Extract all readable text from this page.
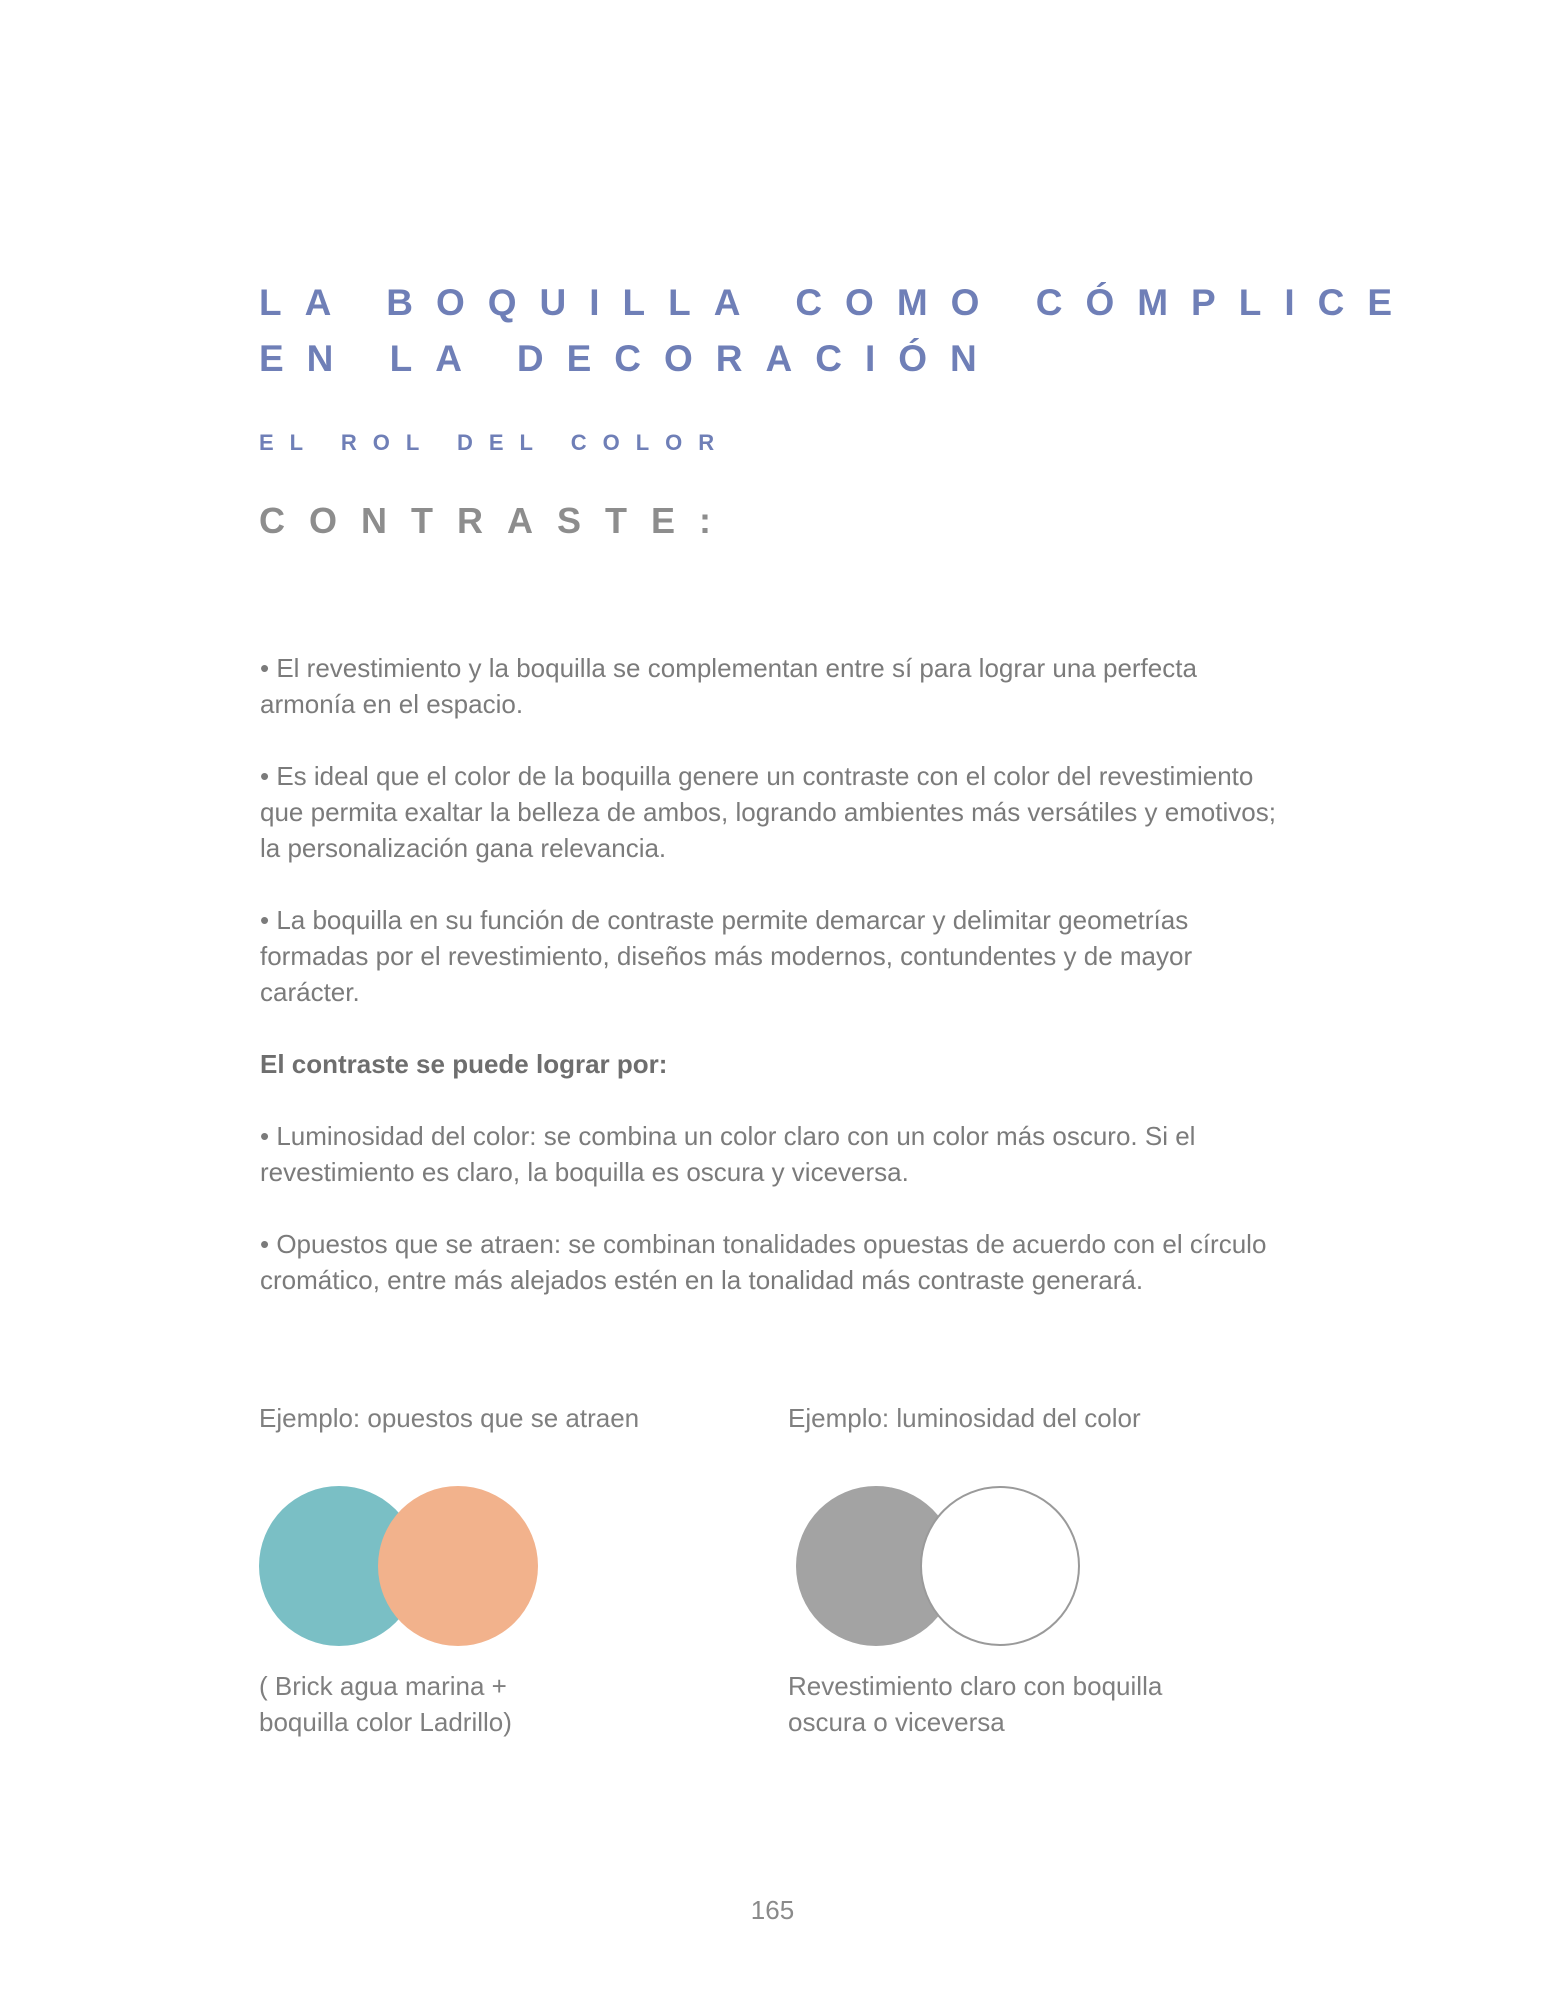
LA BOQUILLA COMO CÓMPLICE
EN LA DECORACIÓN
EL ROL DEL COLOR
CONTRASTE:

• El revestimiento y la boquilla se complementan entre sí para lograr una perfecta armonía en el espacio.

• Es ideal que el color de la boquilla genere un contraste con el color del revestimiento que permita exaltar la belleza de ambos, logrando ambientes más versátiles y emotivos; la personalización gana relevancia.

• La boquilla en su función de contraste permite demarcar y delimitar geometrías formadas por el revestimiento, diseños más modernos, contundentes y de mayor carácter.

El contraste se puede lograr por:

• Luminosidad del color: se combina un color claro con un color más oscuro. Si el revestimiento es claro, la boquilla es oscura y viceversa.

• Opuestos que se atraen: se combinan tonalidades opuestas de acuerdo con el círculo cromático, entre más alejados estén en la tonalidad más contraste generará.

Ejemplo: opuestos que se atraen
( Brick agua marina +
boquilla color Ladrillo)
Ejemplo: luminosidad del color
Revestimiento claro con boquilla
oscura o viceversa
165
